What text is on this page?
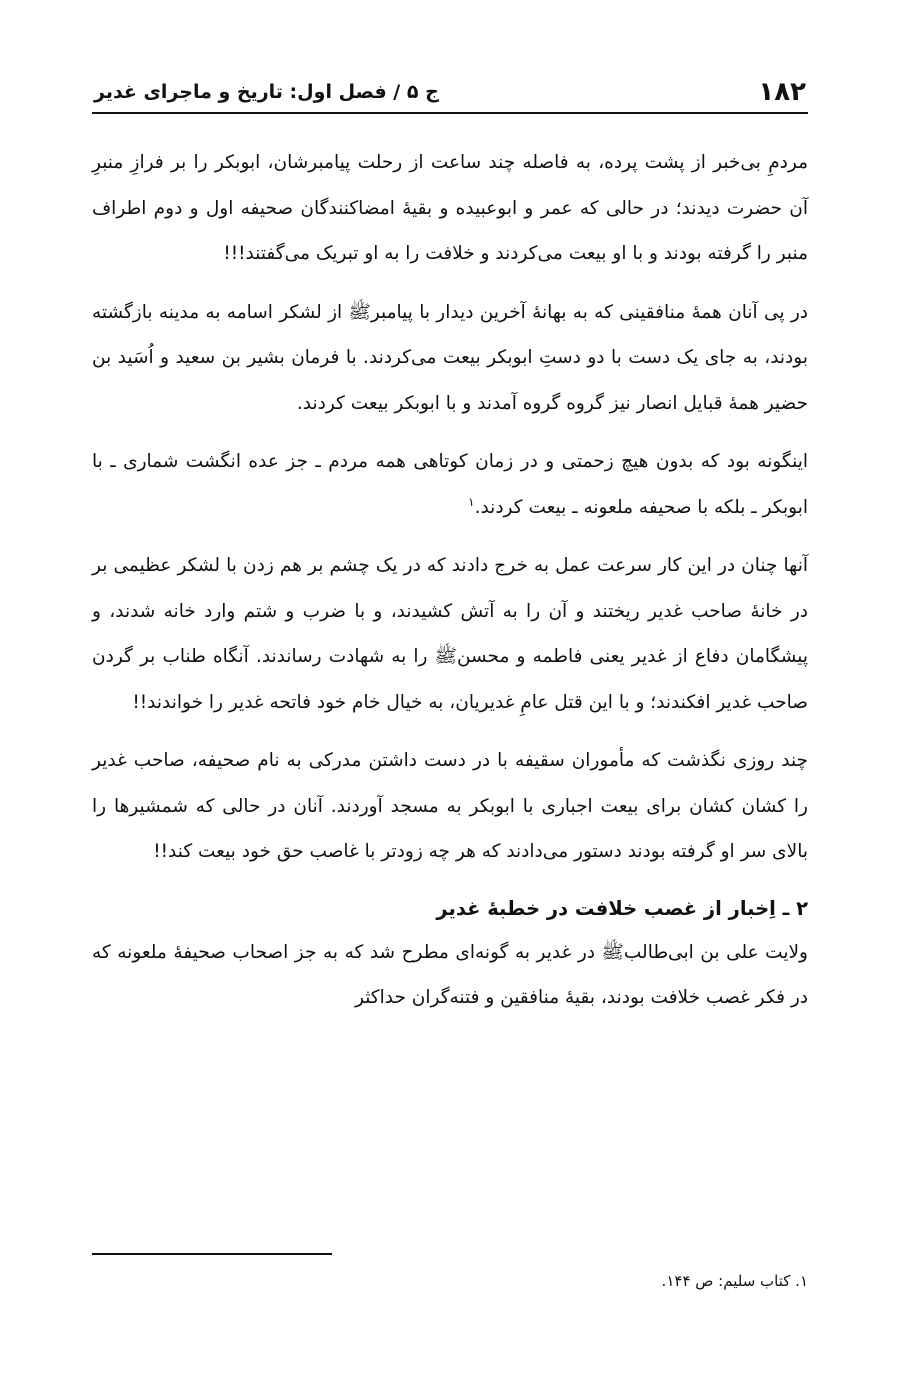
۱۸۲
ج ۵ / فصل اول: تاریخ و ماجرای غدیر

مردمِ بی‌خبر از پشت پرده، به فاصله چند ساعت از رحلت پیامبرشان، ابوبکر را بر فرازِ منبرِ آن حضرت دیدند؛ در حالی که عمر و ابوعبیده و بقیهٔ امضاکنندگان صحیفه اول و دوم اطراف منبر را گرفته بودند و با او بیعت می‌کردند و خلافت را به او تبریک می‌گفتند!!!

در پی آنان همهٔ منافقینی که به بهانهٔ آخرین دیدار با پیامبرﷺ از لشکر اسامه به مدینه بازگشته بودند، به جای یک دست با دو دستِ ابوبکر بیعت می‌کردند. با فرمان بشیر بن سعید و اُسَید بن حضیر همهٔ قبایل انصار نیز گروه گروه آمدند و با ابوبکر بیعت کردند.

اینگونه بود که بدون هیچ زحمتی و در زمان کوتاهی همه مردم ـ جز عده انگشت شماری ـ با ابوبکر ـ بلکه با صحیفه ملعونه ـ بیعت کردند.$^۱$

آنها چنان در این کار سرعت عمل به خرج دادند که در یک چشم بر هم زدن با لشکر عظیمی بر در خانهٔ صاحب غدیر ریختند و آن را به آتش کشیدند، و با ضرب و شتم وارد خانه شدند، و پیشگامان دفاع از غدیر یعنی فاطمه و محسنﷺ را به شهادت رساندند. آنگاه طناب بر گردن صاحب غدیر افکندند؛ و با این قتل عامِ غدیریان، به خیال خام خود فاتحه غدیر را خواندند!!

چند روزی نگذشت که مأموران سقیفه با در دست داشتن مدرکی به نام صحیفه، صاحب غدیر را کشان کشان برای بیعت اجباری با ابوبکر به مسجد آوردند. آنان در حالی که شمشیرها را بالای سر او گرفته بودند دستور می‌دادند که هر چه زودتر با غاصب حق خود بیعت کند!!

۲ ـ اِخبار از غصب خلافت در خطبهٔ غدیر

ولایت علی بن ابی‌طالبﷺ در غدیر به گونه‌ای مطرح شد که به جز اصحاب صحیفهٔ ملعونه که در فکر غصب خلافت بودند، بقیهٔ منافقین و فتنه‌گران حداکثر

۱. کتاب سلیم: ص ۱۴۴.
